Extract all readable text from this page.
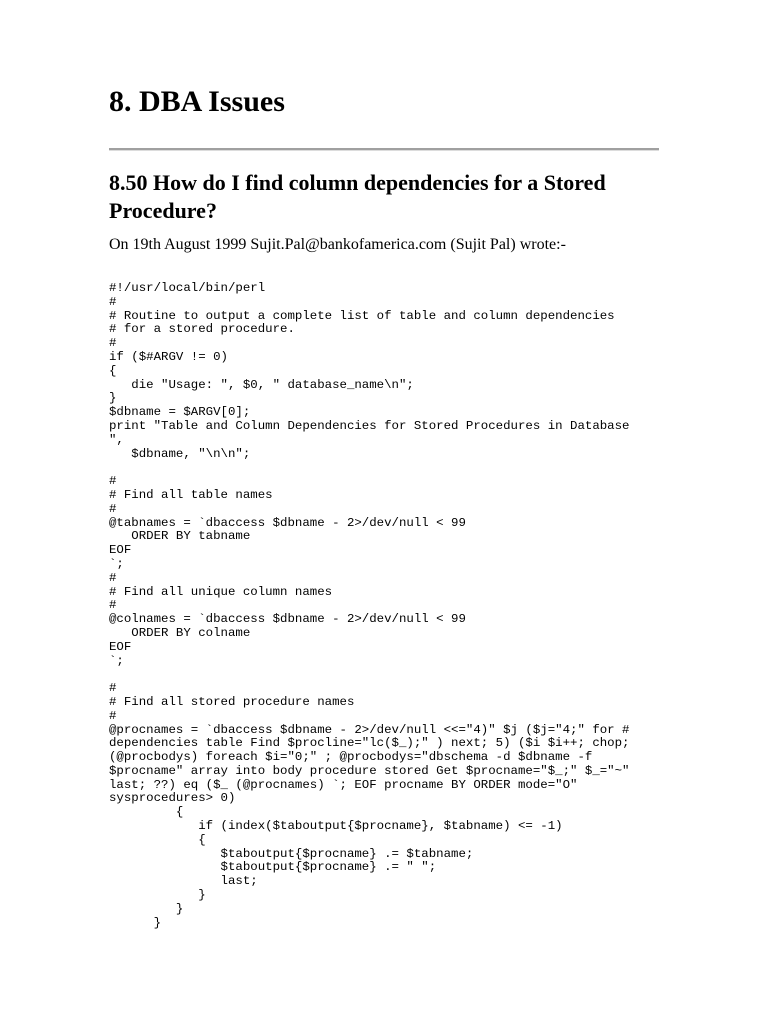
8. DBA Issues
8.50 How do I find column dependencies for a Stored Procedure?

On 19th August 1999 Sujit.Pal@bankofamerica.com (Sujit Pal) wrote:-

#!/usr/local/bin/perl
#
# Routine to output a complete list of table and column dependencies
# for a stored procedure.
#
if ($#ARGV != 0)
{
die "Usage: ", $0, " database_name\n";
}
$dbname = $ARGV[0];
print "Table and Column Dependencies for Stored Procedures in Database
",
$dbname, "\n\n";

#
# Find all table names
#
@tabnames = `dbaccess $dbname - 2>/dev/null < 99
ORDER BY tabname
EOF
`;
#
# Find all unique column names
#
@colnames = `dbaccess $dbname - 2>/dev/null < 99
ORDER BY colname
EOF
`;

#
# Find all stored procedure names
#
@procnames = `dbaccess $dbname - 2>/dev/null <<="4)" $j ($j="4;" for #
dependencies table Find $procline="lc($_);" ) next; 5) ($i $i++; chop;
(@procbodys) foreach $i="0;" ; @procbodys="dbschema -d $dbname -f
$procname" array into body procedure stored Get $procname="$_;" $_="~"
last; ??) eq ($_ (@procnames) `; EOF procname BY ORDER mode="O"
sysprocedures> 0)
{
if (index($taboutput{$procname}, $tabname) <= -1)
{
$taboutput{$procname} .= $tabname;
$taboutput{$procname} .= " ";
last;
}
}
}
